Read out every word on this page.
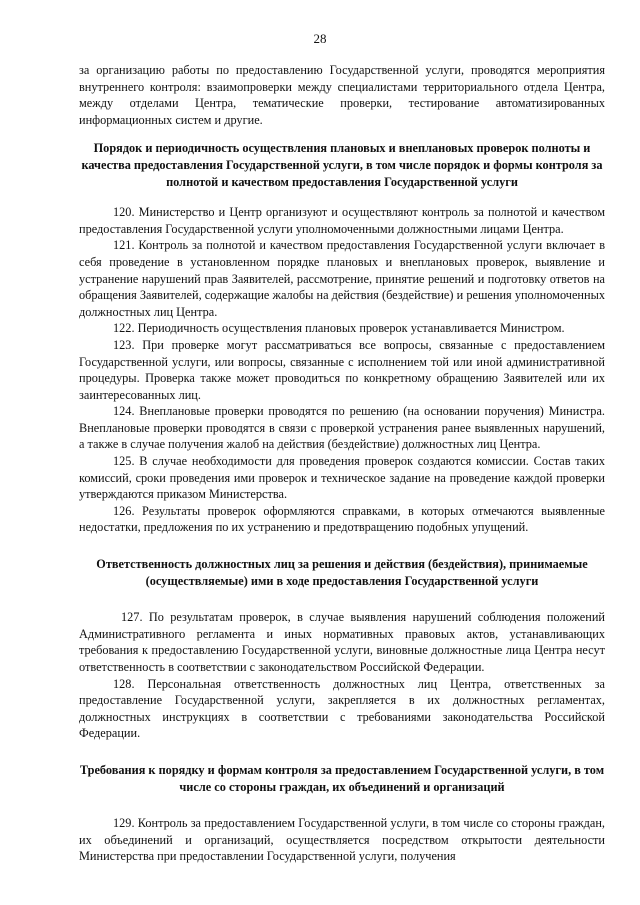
28

за организацию работы по предоставлению Государственной услуги, проводятся мероприятия внутреннего контроля: взаимопроверки между специалистами территориального отдела Центра, между отделами Центра, тематические проверки, тестирование автоматизированных информационных систем и другие.

Порядок и периодичность осуществления плановых и внеплановых проверок полноты и качества предоставления Государственной услуги, в том числе порядок и формы контроля за полнотой и качеством предоставления Государственной услуги

120. Министерство и Центр организуют и осуществляют контроль за полнотой и качеством предоставления Государственной услуги уполномоченными должностными лицами Центра.

121. Контроль за полнотой и качеством предоставления Государственной услуги включает в себя проведение в установленном порядке плановых и внеплановых проверок, выявление и устранение нарушений прав Заявителей, рассмотрение, принятие решений и подготовку ответов на обращения Заявителей, содержащие жалобы на действия (бездействие) и решения уполномоченных должностных лиц Центра.

122. Периодичность осуществления плановых проверок устанавливается Министром.

123. При проверке могут рассматриваться все вопросы, связанные с предоставлением Государственной услуги, или вопросы, связанные с исполнением той или иной административной процедуры. Проверка также может проводиться по конкретному обращению Заявителей или их заинтересованных лиц.

124. Внеплановые проверки проводятся по решению (на основании поручения) Министра. Внеплановые проверки проводятся в связи с проверкой устранения ранее выявленных нарушений, а также в случае получения жалоб на действия (бездействие) должностных лиц Центра.

125. В случае необходимости для проведения проверок создаются комиссии. Состав таких комиссий, сроки проведения ими проверок и техническое задание на проведение каждой проверки утверждаются приказом Министерства.

126. Результаты проверок оформляются справками, в которых отмечаются выявленные недостатки, предложения по их устранению и предотвращению подобных упущений.

Ответственность должностных лиц за решения и действия (бездействия), принимаемые (осуществляемые) ими в ходе предоставления Государственной услуги

127. По результатам проверок, в случае выявления нарушений соблюдения положений Административного регламента и иных нормативных правовых актов, устанавливающих требования к предоставлению Государственной услуги, виновные должностные лица Центра несут ответственность в соответствии с законодательством Российской Федерации.

128. Персональная ответственность должностных лиц Центра, ответственных за предоставление Государственной услуги, закрепляется в их должностных регламентах, должностных инструкциях в соответствии с требованиями законодательства Российской Федерации.

Требования к порядку и формам контроля за предоставлением Государственной услуги, в том числе со стороны граждан, их объединений и организаций

129. Контроль за предоставлением Государственной услуги, в том числе со стороны граждан, их объединений и организаций, осуществляется посредством открытости деятельности Министерства при предоставлении Государственной услуги, получения
